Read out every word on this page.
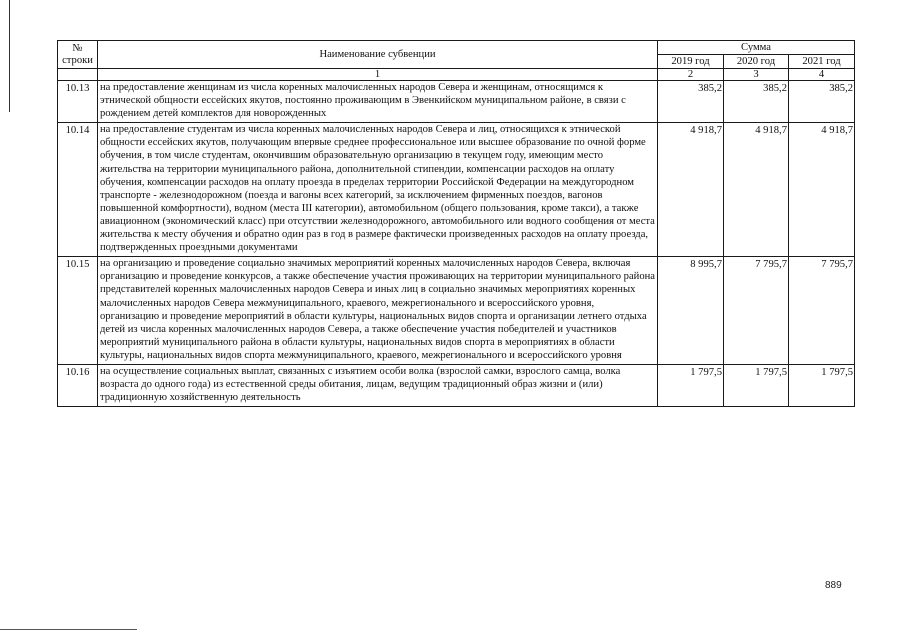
№
строки	Наименование субвенции	Сумма		
		2019 год	2020 год	2021 год
	1	2	3	4
10.13	на предоставление женщинам из числа коренных малочисленных народов Севера и женщинам, относящимся к этнической общности ессейских якутов, постоянно проживающим в Эвенкийском муниципальном районе, в связи с рождением детей комплектов для новорожденных	385,2	385,2	385,2
10.14	на предоставление студентам из числа коренных малочисленных народов Севера и лиц, относящихся к этнической общности ессейских якутов, получающим впервые среднее профессиональное или высшее образование по очной форме обучения, в том числе студентам, окончившим образовательную организацию в текущем году, имеющим место жительства на территории муниципального района, дополнительной стипендии, компенсации расходов на оплату обучения, компенсации расходов на оплату проезда в пределах территории Российской Федерации на междугородном транспорте - железнодорожном (поезда и вагоны всех категорий, за исключением фирменных поездов, вагонов повышенной комфортности), водном (места III категории), автомобильном (общего пользования, кроме такси), а также авиационном (экономический класс) при отсутствии железнодорожного, автомобильного или водного сообщения от места жительства к месту обучения и обратно один раз в год в размере фактически произведенных расходов на оплату проезда, подтвержденных проездными документами	4 918,7	4 918,7	4 918,7
10.15	на организацию и проведение социально значимых мероприятий коренных малочисленных народов Севера, включая организацию и проведение конкурсов, а также обеспечение участия проживающих на территории муниципального района представителей коренных малочисленных народов Севера и иных лиц в социально значимых мероприятиях коренных малочисленных народов Севера межмуниципального, краевого, межрегионального и всероссийского уровня, организацию и проведение мероприятий в области культуры, национальных видов спорта и организации летнего отдыха детей из числа коренных малочисленных народов Севера, а также обеспечение участия победителей и участников мероприятий муниципального района в области культуры, национальных видов спорта в мероприятиях в области культуры, национальных видов спорта межмуниципального, краевого, межрегионального и всероссийского уровня	8 995,7	7 795,7	7 795,7
10.16	на осуществление социальных выплат, связанных с изъятием особи волка (взрослой самки, взрослого самца, волка возраста до одного года) из естественной среды обитания, лицам, ведущим традиционный образ жизни и (или) традиционную хозяйственную деятельность	1 797,5	1 797,5	1 797,5
889
